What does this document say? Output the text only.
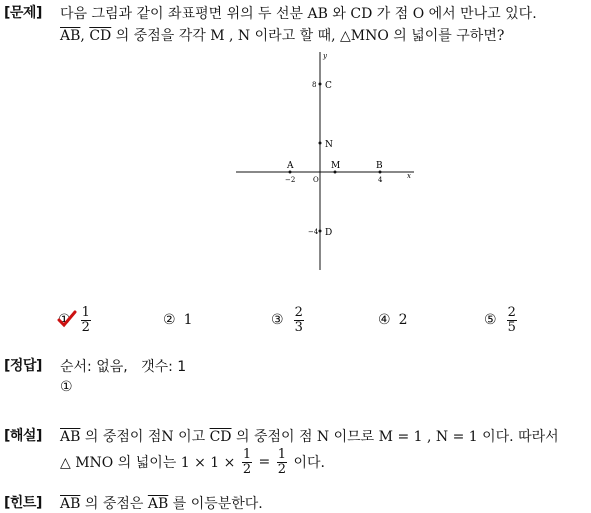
[문제] 다음 그림과 같이 좌표평면 위의 두 선분 AB 와 CD 가 점 O 에서 만나고 있다.
$\overline{AB}$, $\overline{CD}$ 의 중점을 각각 M , N 이라고 할 때, △MNO 의 넓이를 구하면?
y
x
C
8
N
A
−2	O
M	B
4
D
−4
① $\frac{1}{2}$	② 1	③ $\frac{2}{3}$	④ 2	⑤ $\frac{2}{5}$
[정답] 순서: 없음,   갯수: 1
①
[해설] $\overline{AB}$ 의 중점이 점N 이고 $\overline{CD}$ 의 중점이 점 N 이므로 M = 1 , N = 1 이다. 따라서
△ MNO 의 넓이는 $1 \times 1 \times \frac{1}{2} = \frac{1}{2}$ 이다.
[힌트] $\overline{AB}$ 의 중점은 $\overline{AB}$ 를 이등분한다.
